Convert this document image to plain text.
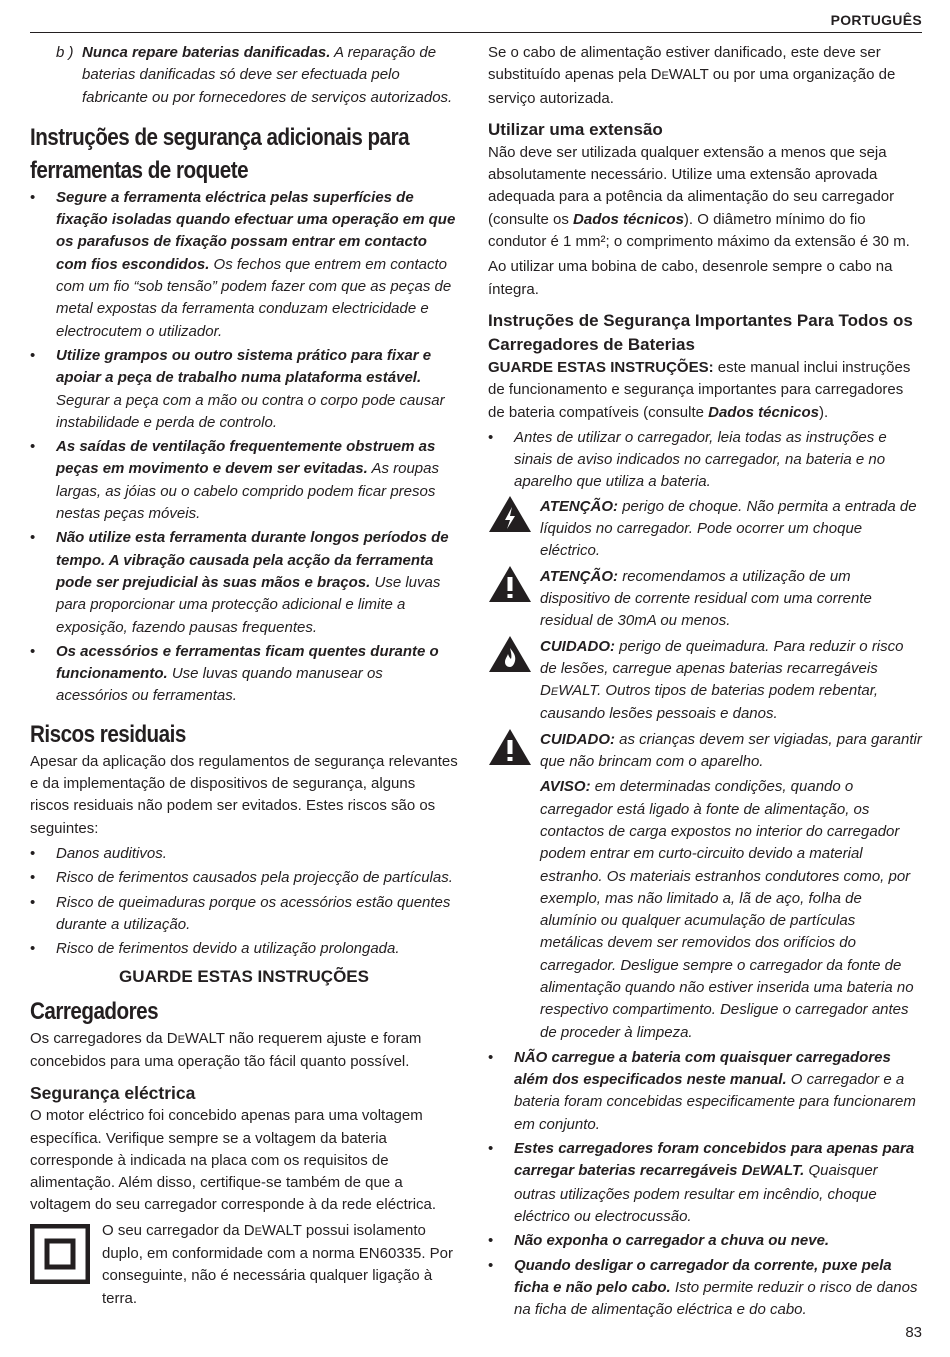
PORTUGUÊS
b ) Nunca repare baterias danificadas. A reparação de baterias danificadas só deve ser efectuada pelo fabricante ou por fornecedores de serviços autorizados.
Instruções de segurança adicionais para
ferramentas de roquete
• Segure a ferramenta eléctrica pelas superfícies de fixação isoladas quando efectuar uma operação em que os parafusos de fixação possam entrar em contacto com fios escondidos. Os fechos que entrem em contacto com um fio “sob tensão” podem fazer com que as peças de metal expostas da ferramenta conduzam electricidade e electrocutem o utilizador.
• Utilize grampos ou outro sistema prático para fixar e apoiar a peça de trabalho numa plataforma estável. Segurar a peça com a mão ou contra o corpo pode causar instabilidade e perda de controlo.
• As saídas de ventilação frequentemente obstruem as peças em movimento e devem ser evitadas. As roupas largas, as jóias ou o cabelo comprido podem ficar presos nestas peças móveis.
• Não utilize esta ferramenta durante longos períodos de tempo. A vibração causada pela acção da ferramenta pode ser prejudicial às suas mãos e braços. Use luvas para proporcionar uma protecção adicional e limite a exposição, fazendo pausas frequentes.
• Os acessórios e ferramentas ficam quentes durante o funcionamento. Use luvas quando manusear os acessórios ou ferramentas.
Riscos residuais

Apesar da aplicação dos regulamentos de segurança relevantes e da implementação de dispositivos de segurança, alguns riscos residuais não podem ser evitados. Estes riscos são os seguintes:

• Danos auditivos.
• Risco de ferimentos causados pela projecção de partículas.
• Risco de queimaduras porque os acessórios estão quentes durante a utilização.
• Risco de ferimentos devido a utilização prolongada.
GUARDE ESTAS INSTRUÇÕES
Carregadores

Os carregadores da DEWALT não requerem ajuste e foram concebidos para uma operação tão fácil quanto possível.

Segurança eléctrica

O motor eléctrico foi concebido apenas para uma voltagem específica. Verifique sempre se a voltagem da bateria corresponde à indicada na placa com os requisitos de alimentação. Além disso, certifique-se também de que a voltagem do seu carregador corresponde à da rede eléctrica.

O seu carregador da DEWALT possui isolamento duplo, em conformidade com a norma EN60335. Por conseguinte, não é necessária qualquer ligação à terra.

Se o cabo de alimentação estiver danificado, este deve ser substituído apenas pela DEWALT ou por uma organização de serviço autorizada.

Utilizar uma extensão

Não deve ser utilizada qualquer extensão a menos que seja absolutamente necessário. Utilize uma extensão aprovada adequada para a potência da alimentação do seu carregador (consulte os Dados técnicos). O diâmetro mínimo do fio condutor é 1 mm²; o comprimento máximo da extensão é 30 m.

Ao utilizar uma bobina de cabo, desenrole sempre o cabo na íntegra.

Instruções de Segurança Importantes Para Todos os Carregadores de Baterias

GUARDE ESTAS INSTRUÇÕES: este manual inclui instruções de funcionamento e segurança importantes para carregadores de bateria compatíveis (consulte Dados técnicos).

• Antes de utilizar o carregador, leia todas as instruções e sinais de aviso indicados no carregador, na bateria e no aparelho que utiliza a bateria.
ATENÇÃO: perigo de choque. Não permita a entrada de líquidos no carregador. Pode ocorrer um choque eléctrico.
ATENÇÃO: recomendamos a utilização de um dispositivo de corrente residual com uma corrente residual de 30mA ou menos.
CUIDADO: perigo de queimadura. Para reduzir o risco de lesões, carregue apenas baterias recarregáveis DEWALT. Outros tipos de baterias podem rebentar, causando lesões pessoais e danos.
CUIDADO: as crianças devem ser vigiadas, para garantir que não brincam com o aparelho.
AVISO: em determinadas condições, quando o carregador está ligado à fonte de alimentação, os contactos de carga expostos no interior do carregador podem entrar em curto-circuito devido a material estranho. Os materiais estranhos condutores como, por exemplo, mas não limitado a, lã de aço, folha de alumínio ou qualquer acumulação de partículas metálicas devem ser removidos dos orifícios do carregador. Desligue sempre o carregador da fonte de alimentação quando não estiver inserida uma bateria no respectivo compartimento. Desligue o carregador antes de proceder à limpeza.
• NÃO carregue a bateria com quaisquer carregadores além dos especificados neste manual. O carregador e a bateria foram concebidas especificamente para funcionarem em conjunto.
• Estes carregadores foram concebidos para apenas para carregar baterias recarregáveis DEWALT. Quaisquer outras utilizações podem resultar em incêndio, choque eléctrico ou electrocussão.
• Não exponha o carregador a chuva ou neve.
• Quando desligar o carregador da corrente, puxe pela ficha e não pelo cabo. Isto permite reduzir o risco de danos na ficha de alimentação eléctrica e do cabo.
83
